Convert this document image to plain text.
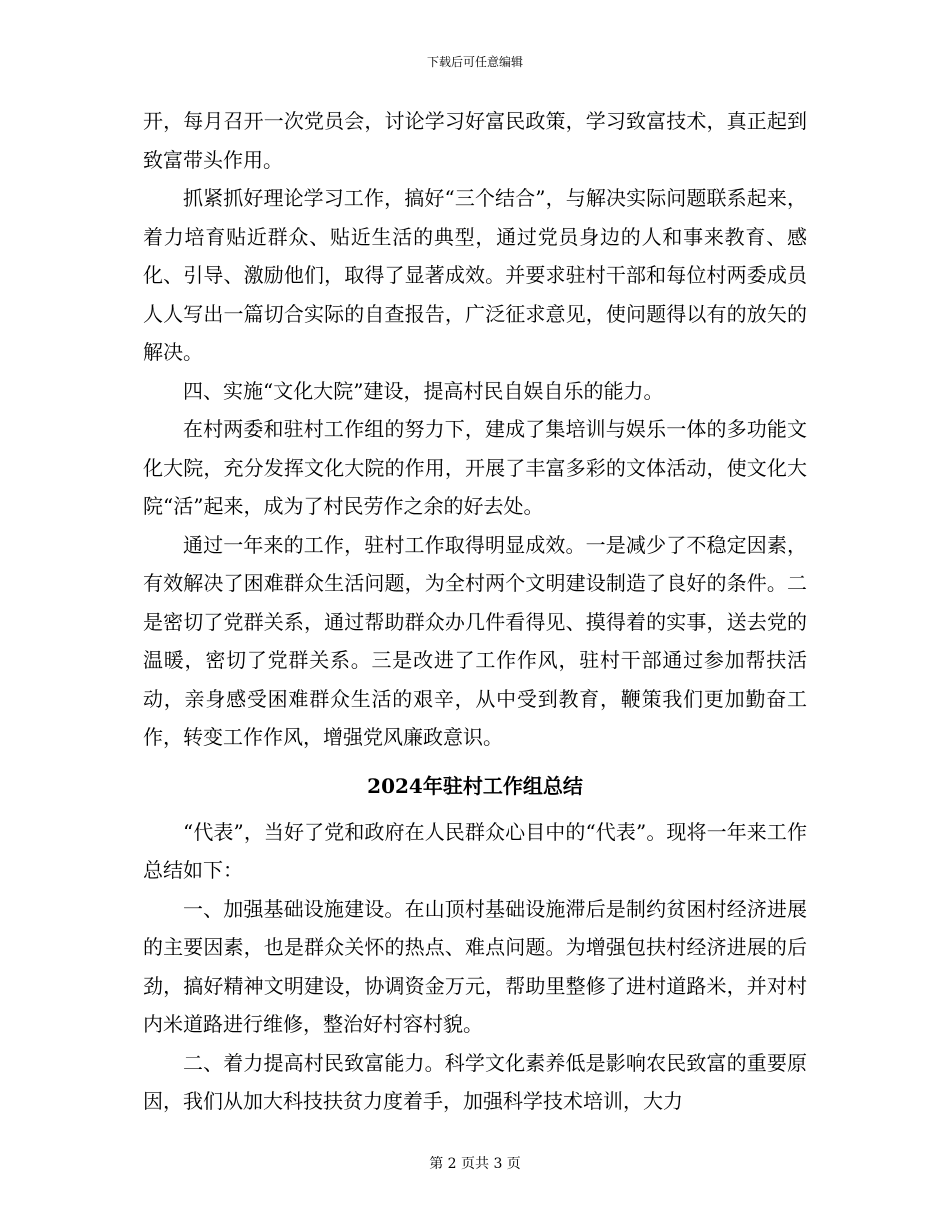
下载后可任意编辑

开，每月召开一次党员会，讨论学习好富民政策，学习致富技术，真正起到致富带头作用。

抓紧抓好理论学习工作，搞好“三个结合”，与解决实际问题联系起来，着力培育贴近群众、贴近生活的典型，通过党员身边的人和事来教育、感化、引导、激励他们，取得了显著成效。并要求驻村干部和每位村两委成员人人写出一篇切合实际的自查报告，广泛征求意见，使问题得以有的放矢的解决。

四、实施“文化大院”建设，提高村民自娱自乐的能力。

在村两委和驻村工作组的努力下，建成了集培训与娱乐一体的多功能文化大院，充分发挥文化大院的作用，开展了丰富多彩的文体活动，使文化大院“活”起来，成为了村民劳作之余的好去处。

通过一年来的工作，驻村工作取得明显成效。一是减少了不稳定因素，有效解决了困难群众生活问题，为全村两个文明建设制造了良好的条件。二是密切了党群关系，通过帮助群众办几件看得见、摸得着的实事，送去党的温暖，密切了党群关系。三是改进了工作作风，驻村干部通过参加帮扶活动，亲身感受困难群众生活的艰辛，从中受到教育，鞭策我们更加勤奋工作，转变工作作风，增强党风廉政意识。

2024年驻村工作组总结

“代表”，当好了党和政府在人民群众心目中的“代表”。现将一年来工作总结如下：

一、加强基础设施建设。在山顶村基础设施滞后是制约贫困村经济进展的主要因素，也是群众关怀的热点、难点问题。为增强包扶村经济进展的后劲，搞好精神文明建设，协调资金万元，帮助里整修了进村道路米，并对村内米道路进行维修，整治好村容村貌。

二、着力提高村民致富能力。科学文化素养低是影响农民致富的重要原因，我们从加大科技扶贫力度着手，加强科学技术培训，大力

第 2 页共 3 页
